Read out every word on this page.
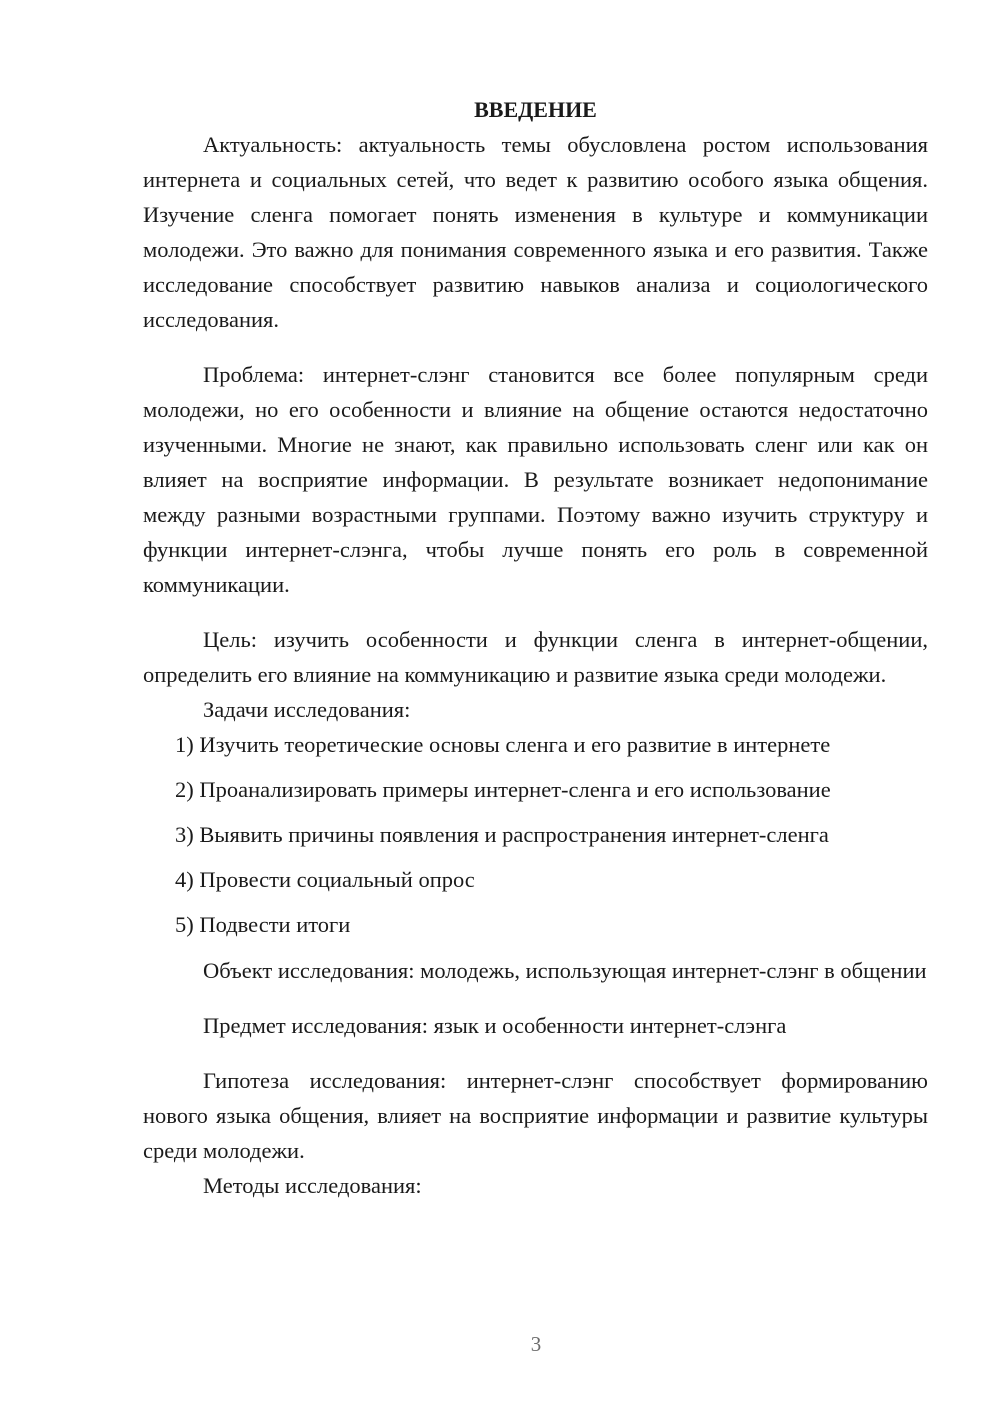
ВВЕДЕНИЕ

Актуальность: актуальность темы обусловлена ростом использования интернета и социальных сетей, что ведет к развитию особого языка общения. Изучение сленга помогает понять изменения в культуре и коммуникации молодежи. Это важно для понимания современного языка и его развития. Также исследование способствует развитию навыков анализа и социологического исследования.

Проблема: интернет-слэнг становится все более популярным среди молодежи, но его особенности и влияние на общение остаются недостаточно изученными. Многие не знают, как правильно использовать сленг или как он влияет на восприятие информации. В результате возникает недопонимание между разными возрастными группами. Поэтому важно изучить структуру и функции интернет-слэнга, чтобы лучше понять его роль в современной коммуникации.

Цель: изучить особенности и функции сленга в интернет-общении, определить его влияние на коммуникацию и развитие языка среди молодежи.

Задачи исследования:

1) Изучить теоретические основы сленга и его развитие в интернете
2) Проанализировать примеры интернет-сленга и его использование
3) Выявить причины появления и распространения интернет-сленга
4) Провести социальный опрос
5) Подвести итоги

Объект исследования: молодежь, использующая интернет-слэнг в общении

Предмет исследования: язык и особенности интернет-слэнга

Гипотеза исследования: интернет-слэнг способствует формированию нового языка общения, влияет на восприятие информации и развитие культуры среди молодежи.

Методы исследования:

3
